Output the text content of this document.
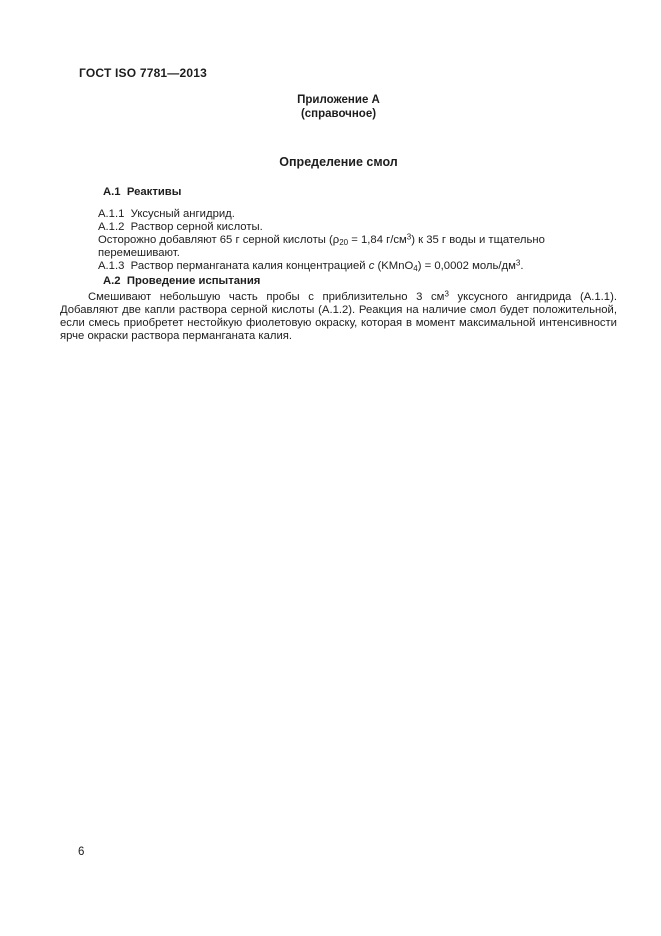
ГОСТ ISO 7781—2013
Приложение А
(справочное)
Определение смол
А.1  Реактивы
А.1.1  Уксусный ангидрид.
А.1.2  Раствор серной кислоты.
Осторожно добавляют 65 г серной кислоты ($\rho_{20} = 1,84$ $г/см^3$) к 35 г воды и тщательно перемешивают.
А.1.3  Раствор перманганата калия концентрацией с (KMnO$_4$) = 0,0002 моль/$дм^3$.
А.2  Проведение испытания
Смешивают небольшую часть пробы с приблизительно 3 $см^3$ уксусного ангидрида (А.1.1). Добавляют две капли раствора серной кислоты (А.1.2). Реакция на наличие смол будет положительной, если смесь приобретет нестойкую фиолетовую окраску, которая в момент максимальной интенсивности ярче окраски раствора перманганата калия.
6
